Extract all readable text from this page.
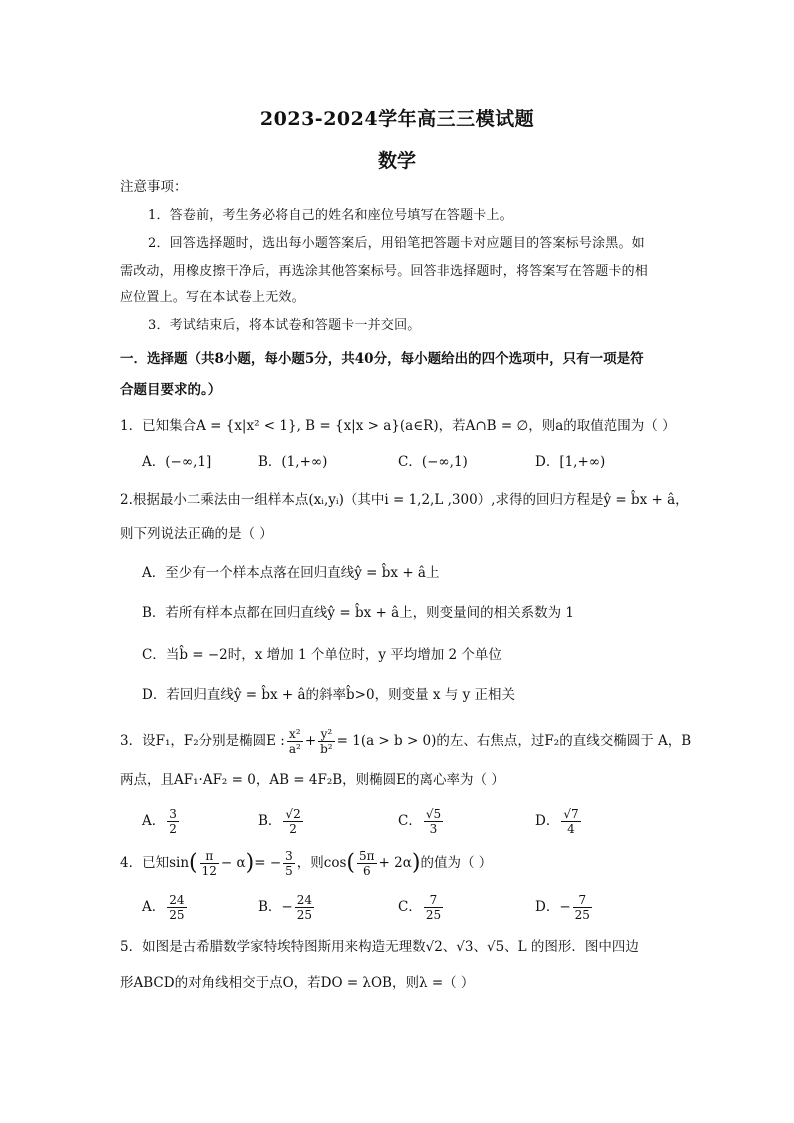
2023-2024学年高三三模试题
数学
注意事项：
1．答卷前，考生务必将自己的姓名和座位号填写在答题卡上。
2．回答选择题时，选出每小题答案后，用铅笔把答题卡对应题目的答案标号涂黑。如
需改动，用橡皮擦干净后，再选涂其他答案标号。回答非选择题时，将答案写在答题卡的相
应位置上。写在本试卷上无效。
3．考试结束后，将本试卷和答题卡一并交回。
一．选择题（共8小题，每小题5分，共40分，每小题给出的四个选项中，只有一项是符
合题目要求的。）
1．已知集合A = {x|x² < 1}, B = {x|x > a}(a∈R)，若A∩B = ∅，则a的取值范围为（ ）
A．(−∞,1]	B．(1,+∞)	C．(−∞,1)	D．[1,+∞)
2.根据最小二乘法由一组样本点(xᵢ,yᵢ)（其中i = 1,2,L ,300）,求得的回归方程是ŷ = b̂x + â，
则下列说法正确的是（ ）
A．至少有一个样本点落在回归直线ŷ = b̂x + â上
B．若所有样本点都在回归直线ŷ = b̂x + â上，则变量间的相关系数为 1
C．当b̂ = −2时，x 增加 1 个单位时，y 平均增加 2 个单位
D．若回归直线ŷ = b̂x + â的斜率b̂>0，则变量 x 与 y 正相关
3．设F₁，F₂分别是椭圆E : $\frac{\text{x²}}{\text{a²}} + \frac{\text{y²}}{\text{b²}} = 1(a > b > 0)$的左、右焦点，过F₂的直线交椭圆于 A，B
两点，且AF₁·AF₂ = 0，AB = 4F₂B，则椭圆E的离心率为（ ）
A． $\frac{3}{2}$	B． $\frac{√2}{2}$	C． $\frac{√5}{3}$	D． $\frac{√7}{4}$
4．已知$\sin( \frac{\pi}{12} - \alpha)= - \frac{3}{5}$ ，则$\cos( \frac{5\pi}{6} + 2\alpha)$的值为（ ）
A． $\frac{24}{25}$	B．− $\frac{24}{25}$	C． $\frac{7}{25}$	D．− $\frac{7}{25}$
5．如图是古希腊数学家特埃特图斯用来构造无理数√2、√3、√5、L 的图形．图中四边
形ABCD的对角线相交于点O，若DO = λOB，则λ =（ ）
